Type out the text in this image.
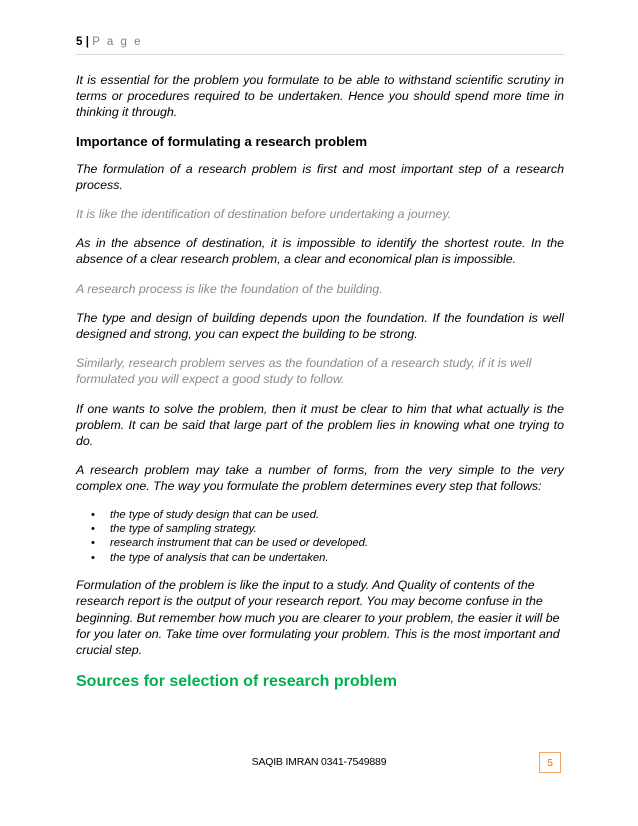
5 | P a g e

It is essential for the problem you formulate to be able to withstand scientific scrutiny in terms or procedures required to be undertaken. Hence you should spend more time in thinking it through.

Importance of formulating a research problem

The formulation of a research problem is first and most important step of a research process.

It is like the identification of destination before undertaking a journey.

As in the absence of destination, it is impossible to identify the shortest route. In the absence of a clear research problem, a clear and economical plan is impossible.

A research process is like the foundation of the building.

The type and design of building depends upon the foundation. If the foundation is well designed and strong, you can expect the building to be strong.

Similarly, research problem serves as the foundation of a research study, if it is well formulated you will expect a good study to follow.

If one wants to solve the problem, then it must be clear to him that what actually is the problem. It can be said that large part of the problem lies in knowing what one trying to do.

A research problem may take a number of forms, from the very simple to the very complex one. The way you formulate the problem determines every step that follows:

• the type of study design that can be used.
• the type of sampling strategy.
• research instrument that can be used or developed.
• the type of analysis that can be undertaken.

Formulation of the problem is like the input to a study. And Quality of contents of the research report is the output of your research report. You may become confuse in the beginning. But remember how much you are clearer to your problem, the easier it will be for you later on. Take time over formulating your problem. This is the most important and crucial step.

Sources for selection of research problem
SAQIB IMRAN 0341-7549889	5
